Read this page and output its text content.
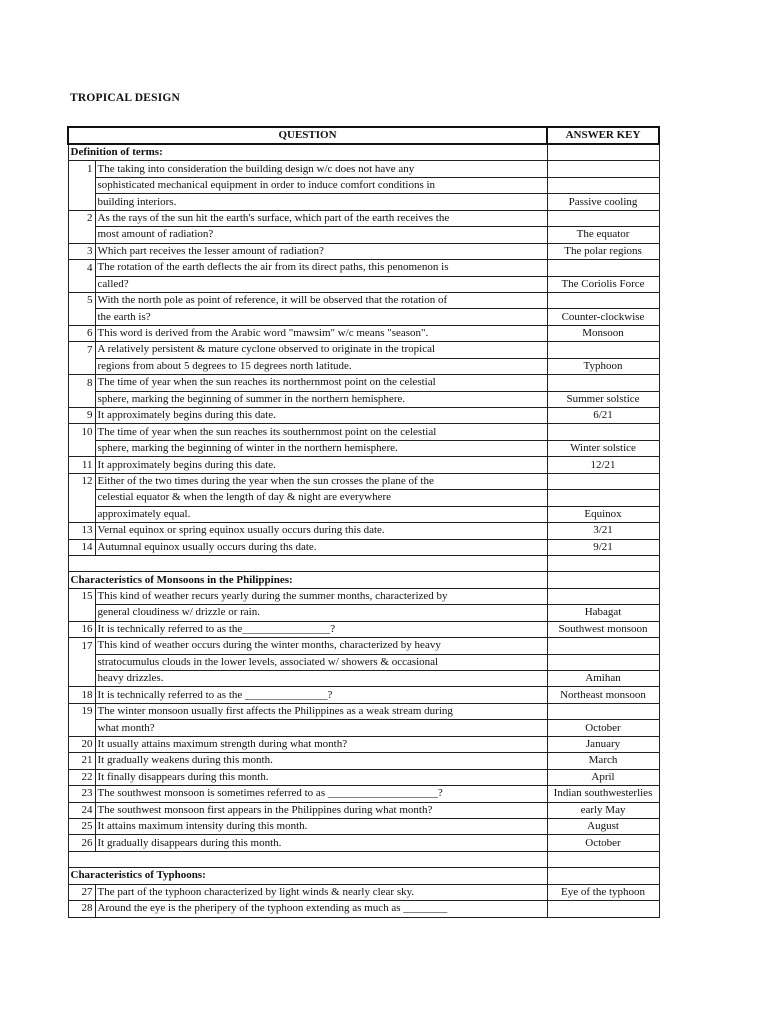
TROPICAL DESIGN
QUESTION		ANSWER KEY
Definition of terms:		
1	The taking into consideration the building design w/c does not have any	
	sophisticated mechanical equipment in order to induce comfort conditions in	
	building interiors.	Passive cooling
2	As the rays of the sun hit the earth's surface, which part of the earth receives the	
	most amount of radiation?	The equator
3	Which part receives the lesser amount of radiation?	The polar regions
4	The rotation of the earth deflects the air from its direct paths, this penomenon is	
	called?	The Coriolis Force
5	With the north pole as point of reference, it will be observed that the rotation of	
	the earth is?	Counter-clockwise
6	This word is derived from the Arabic word "mawsim" w/c means "season".	Monsoon
7	A relatively persistent & mature cyclone observed to originate in the tropical	
	regions from about 5 degrees to 15 degrees north latitude.	Typhoon
8	The time of year when the sun reaches its northernmost point on the celestial	
	sphere, marking the beginning of summer in the northern hemisphere.	Summer solstice
9	It approximately begins during this date.	6/21
10	The time of year when the sun reaches its southernmost point on the celestial	
	sphere, marking the beginning of winter in the northern hemisphere.	Winter solstice
11	It approximately begins during this date.	12/21
12	Either of the two times during the year when the sun crosses the plane of the	
	celestial equator & when the length of day & night are everywhere	
	approximately equal.	Equinox
13	Vernal equinox or spring equinox usually occurs during this date.	3/21
14	Autumnal equinox usually occurs during ths date.	9/21

Characteristics of Monsoons in the Philippines:		
15	This kind of weather recurs yearly during the summer months, characterized by	
	general cloudiness w/ drizzle or rain.	Habagat
16	It is technically referred to as the________________?	Southwest monsoon
17	This kind of weather occurs during the winter months, characterized by heavy	
	stratocumulus clouds in the lower levels, associated w/ showers & occasional	
	heavy drizzles.	Amihan
18	It is technically referred to as the _______________?	Northeast monsoon
19	The winter monsoon usually first affects the Philippines as a weak stream during	
	what month?	October
20	It usually attains maximum strength during what month?	January
21	It gradually weakens during this month.	March
22	It finally disappears during this month.	April
23	The southwest monsoon is sometimes referred to as ____________________?	Indian southwesterlies
24	The southwest monsoon first appears in the Philippines during what month?	early May
25	It attains maximum intensity during this month.	August
26	It gradually disappears during this month.	October

Characteristics of Typhoons:		
27	The part of the typhoon characterized by light winds & nearly clear sky.	Eye of the typhoon
28	Around the eye is the pheripery of the typhoon extending as much as ________	
